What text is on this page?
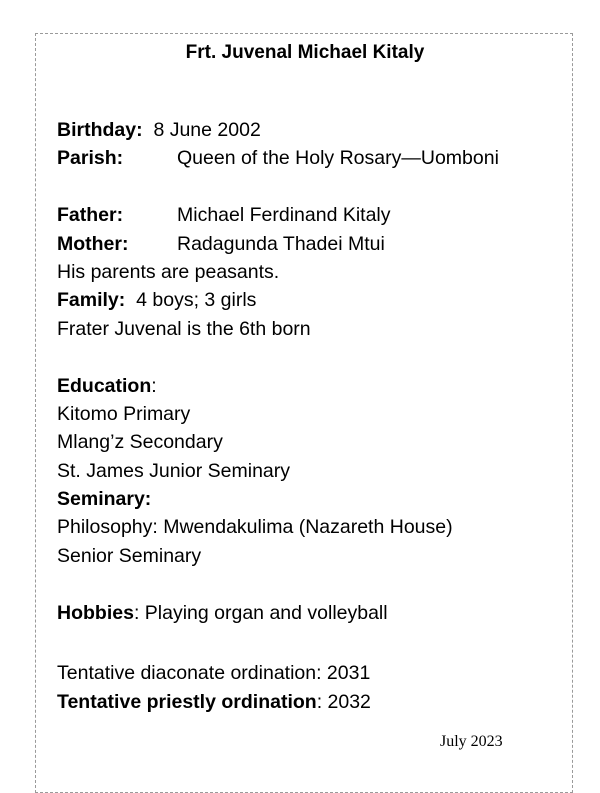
Frt. Juvenal Michael Kitaly
Birthday: 8 June 2002
Parish:	Queen of the Holy Rosary—Uomboni
Father:	Michael Ferdinand Kitaly
Mother: Radagunda Thadei Mtui
His parents are peasants.
Family: 4 boys; 3 girls
Frater Juvenal is the 6th born
Education:
Kitomo Primary
Mlang’z Secondary
St. James Junior Seminary
Seminary:
Philosophy: Mwendakulima (Nazareth House)
Senior Seminary
Hobbies: Playing organ and volleyball
Tentative diaconate ordination: 2031
Tentative priestly ordination: 2032
July 2023
